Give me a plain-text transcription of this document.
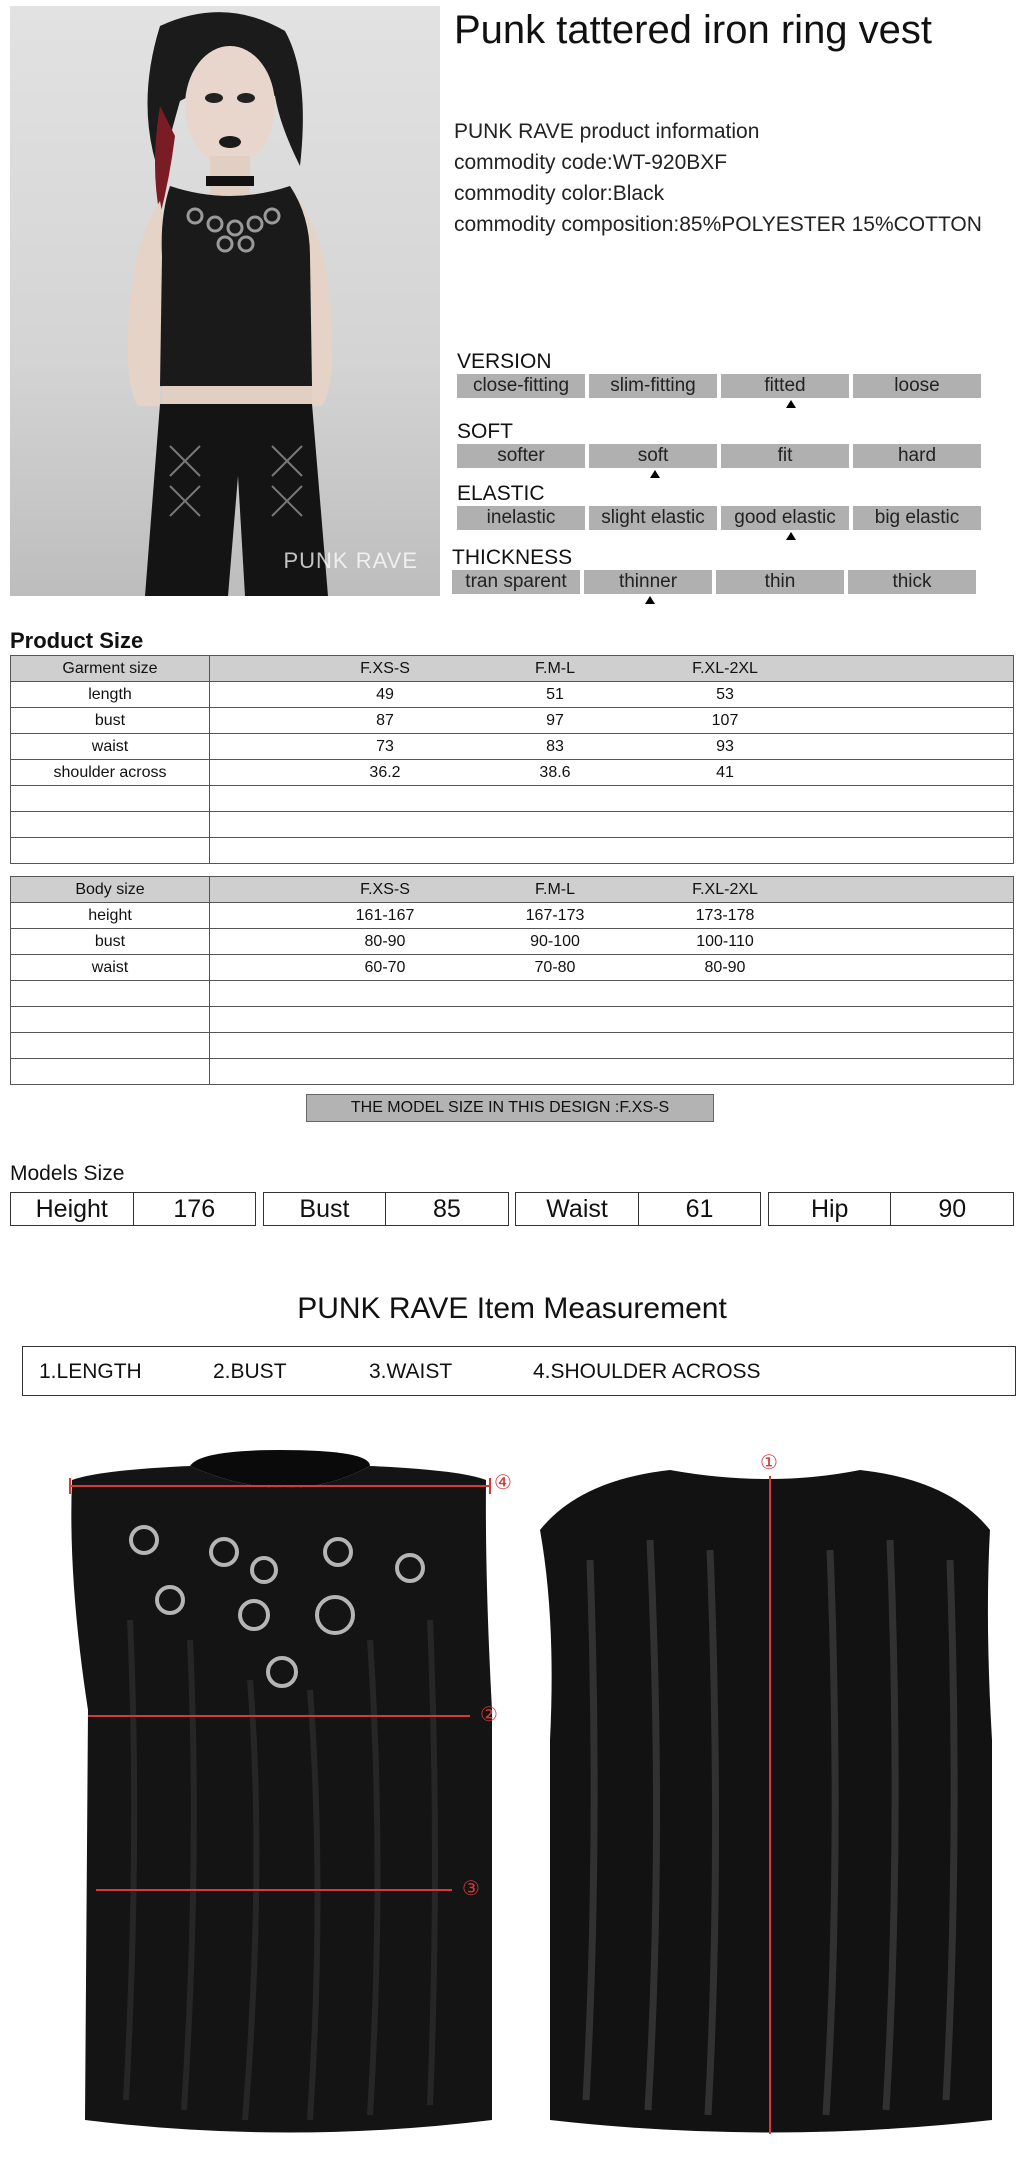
PUNK RAVE
Punk tattered iron ring vest
PUNK RAVE product information
commodity code:WT-920BXF
commodity color:Black
commodity composition:85%POLYESTER 15%COTTON
VERSION
close-fitting	slim-fitting	fitted	loose
SOFT
softer	soft	fit	hard
ELASTIC
inelastic	slight elastic	good elastic	big elastic
THICKNESS
tran sparent	thinner	thin	thick
Product Size
Garment size	F.XS-S F.M-L F.XL-2XL

length	49 51 53

bust	87 97 107

waist	73 83 93

shoulder across	36.2 38.6 41

Body size	F.XS-S F.M-L F.XL-2XL

height	161-167 167-173 173-178

bust	80-90 90-100 100-110

waist	60-70 70-80 80-90

THE MODEL SIZE IN THIS DESIGN :F.XS-S
Models Size
Height	176	Bust	85	Waist	61	Hip	90
PUNK RAVE Item Measurement
1.LENGTH	2.BUST	3.WAIST	4.SHOULDER ACROSS
④
②
③
①
